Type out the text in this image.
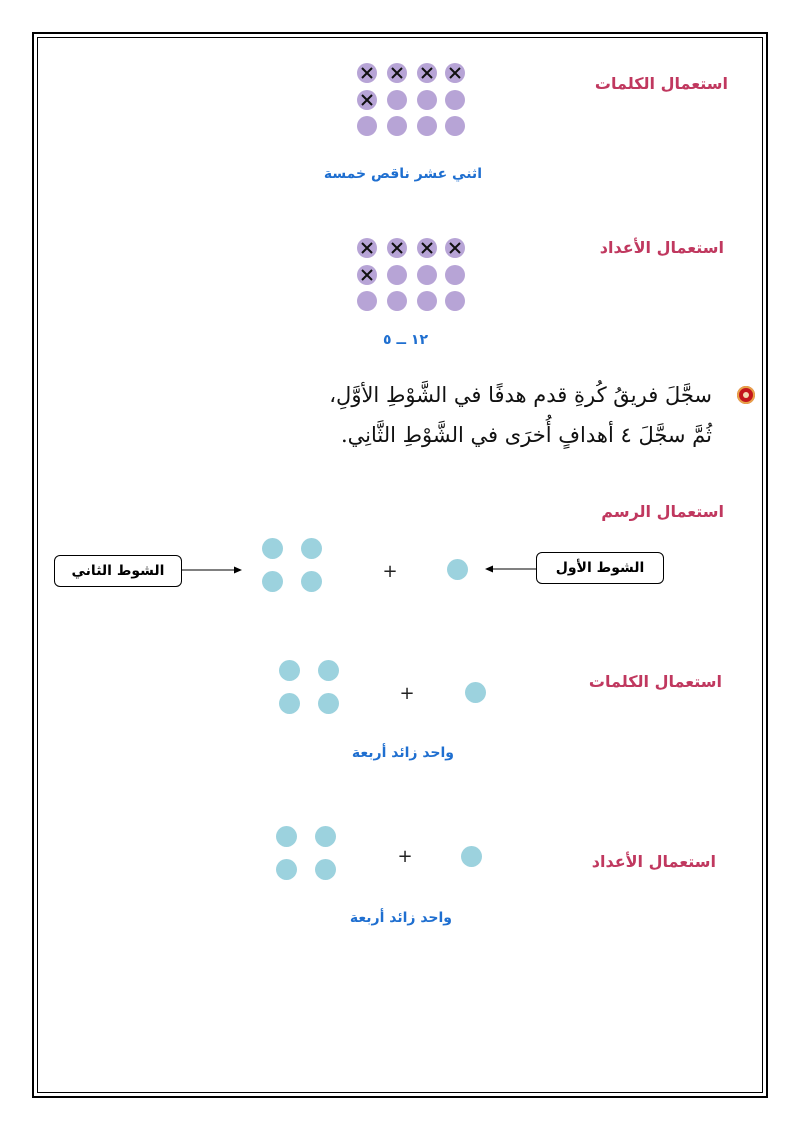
استعمال الكلمات
اثني عشر ناقص خمسة
استعمال الأعداد
١٢ ــ ٥
سجَّلَ فريقُ كُرةِ قدم هدفًا في الشَّوْطِ الأوَّلِ،
ثُمَّ سجَّلَ ٤ أهدافٍ أُخرَى في الشَّوْطِ الثَّانِي.
استعمال الرسم
الشوط الثاني	الشوط الأول
+
استعمال الكلمات
+
واحد زائد أربعة
استعمال الأعداد
+
واحد زائد أربعة
